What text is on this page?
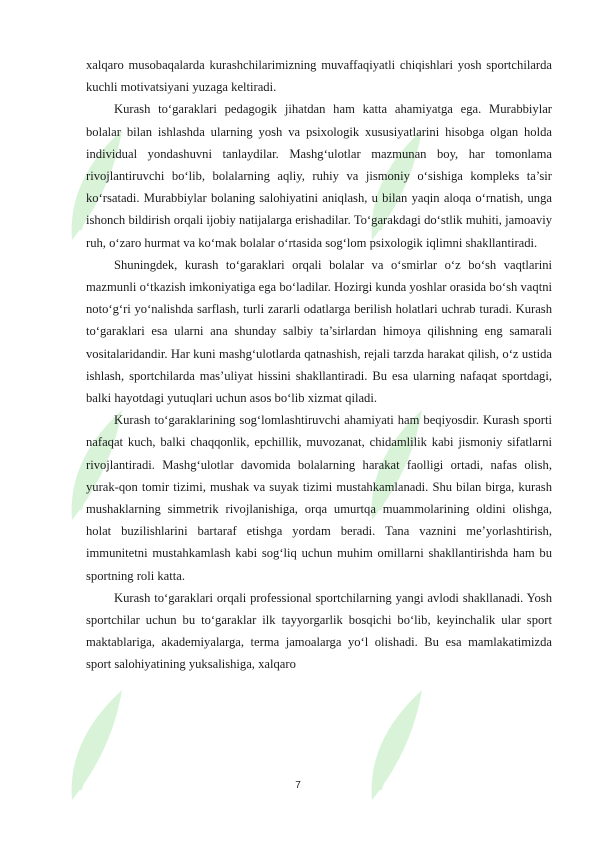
xalqaro musobaqalarda kurashchilarimizning muvaffaqiyatli chiqishlari yosh sportchilarda kuchli motivatsiyani yuzaga keltiradi.

Kurash to‘garaklari pedagogik jihatdan ham katta ahamiyatga ega. Murabbiylar bolalar bilan ishlashda ularning yosh va psixologik xususiyatlarini hisobga olgan holda individual yondashuvni tanlaydilar. Mashg‘ulotlar mazmunan boy, har tomonlama rivojlantiruvchi bo‘lib, bolalarning aqliy, ruhiy va jismoniy o‘sishiga kompleks ta’sir ko‘rsatadi. Murabbiylar bolaning salohiyatini aniqlash, u bilan yaqin aloqa o‘rnatish, unga ishonch bildirish orqali ijobiy natijalarga erishadilar. To‘garakdagi do‘stlik muhiti, jamoaviy ruh, o‘zaro hurmat va ko‘mak bolalar o‘rtasida sog‘lom psixologik iqlimni shakllantiradi.

Shuningdek, kurash to‘garaklari orqali bolalar va o‘smirlar o‘z bo‘sh vaqtlarini mazmunli o‘tkazish imkoniyatiga ega bo‘ladilar. Hozirgi kunda yoshlar orasida bo‘sh vaqtni noto‘g‘ri yo‘nalishda sarflash, turli zararli odatlarga berilish holatlari uchrab turadi. Kurash to‘garaklari esa ularni ana shunday salbiy ta’sirlardan himoya qilishning eng samarali vositalaridandir. Har kuni mashg‘ulotlarda qatnashish, rejali tarzda harakat qilish, o‘z ustida ishlash, sportchilarda mas’uliyat hissini shakllantiradi. Bu esa ularning nafaqat sportdagi, balki hayotdagi yutuqlari uchun asos bo‘lib xizmat qiladi.

Kurash to‘garaklarining sog‘lomlashtiruvchi ahamiyati ham beqiyosdir. Kurash sporti nafaqat kuch, balki chaqqonlik, epchillik, muvozanat, chidamlilik kabi jismoniy sifatlarni rivojlantiradi. Mashg‘ulotlar davomida bolalarning harakat faolligi ortadi, nafas olish, yurak-qon tomir tizimi, mushak va suyak tizimi mustahkamlanadi. Shu bilan birga, kurash mushaklarning simmetrik rivojlanishiga, orqa umurtqa muammolarining oldini olishga, holat buzilishlarini bartaraf etishga yordam beradi. Tana vaznini me’yorlashtirish, immunitetni mustahkamlash kabi sog‘liq uchun muhim omillarni shakllantirishda ham bu sportning roli katta.

Kurash to‘garaklari orqali professional sportchilarning yangi avlodi shakllanadi. Yosh sportchilar uchun bu to‘garaklar ilk tayyorgarlik bosqichi bo‘lib, keyinchalik ular sport maktablariga, akademiyalarga, terma jamoalarga yo‘l olishadi. Bu esa mamlakatimizda sport salohiyatining yuksalishiga, xalqaro

7
